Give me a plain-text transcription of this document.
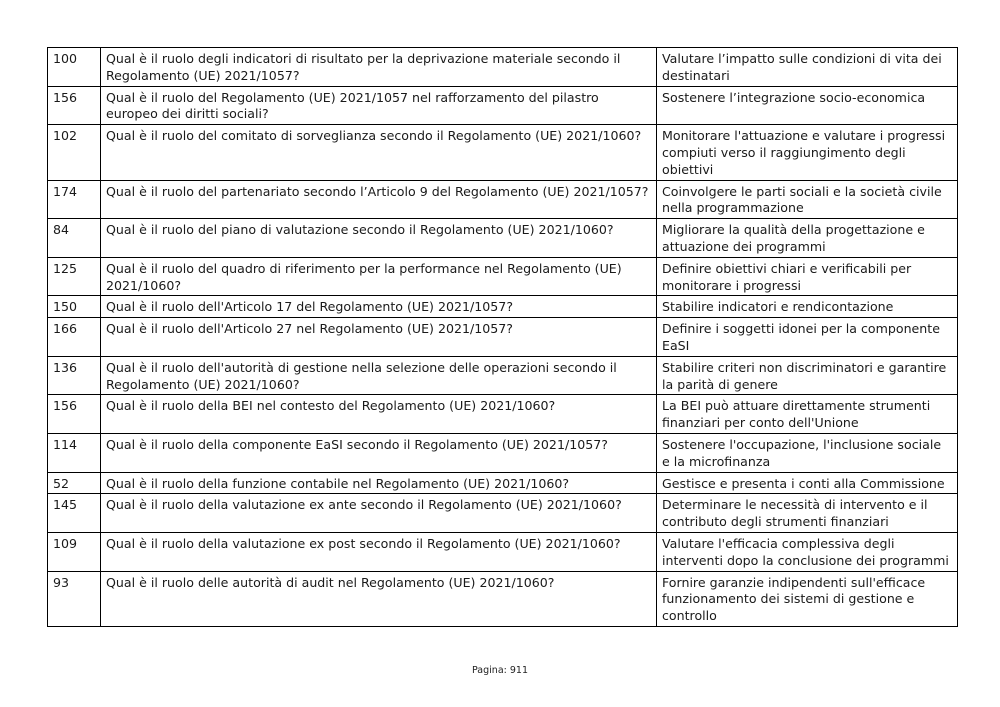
100	Qual è il ruolo degli indicatori di risultato per la deprivazione materiale secondo il Regolamento (UE) 2021/1057?	Valutare l’impatto sulle condizioni di vita dei destinatari
156	Qual è il ruolo del Regolamento (UE) 2021/1057 nel rafforzamento del pilastro europeo dei diritti sociali?	Sostenere l’integrazione socio-economica
102	Qual è il ruolo del comitato di sorveglianza secondo il Regolamento (UE) 2021/1060?	Monitorare l'attuazione e valutare i progressi compiuti verso il raggiungimento degli obiettivi
174	Qual è il ruolo del partenariato secondo l’Articolo 9 del Regolamento (UE) 2021/1057?	Coinvolgere le parti sociali e la società civile nella programmazione
84	Qual è il ruolo del piano di valutazione secondo il Regolamento (UE) 2021/1060?	Migliorare la qualità della progettazione e attuazione dei programmi
125	Qual è il ruolo del quadro di riferimento per la performance nel Regolamento (UE) 2021/1060?	Definire obiettivi chiari e verificabili per monitorare i progressi
150	Qual è il ruolo dell'Articolo 17 del Regolamento (UE) 2021/1057?	Stabilire indicatori e rendicontazione
166	Qual è il ruolo dell'Articolo 27 nel Regolamento (UE) 2021/1057?	Definire i soggetti idonei per la componente EaSI
136	Qual è il ruolo dell'autorità di gestione nella selezione delle operazioni secondo il Regolamento (UE) 2021/1060?	Stabilire criteri non discriminatori e garantire la parità di genere
156	Qual è il ruolo della BEI nel contesto del Regolamento (UE) 2021/1060?	La BEI può attuare direttamente strumenti finanziari per conto dell'Unione
114	Qual è il ruolo della componente EaSI secondo il Regolamento (UE) 2021/1057?	Sostenere l'occupazione, l'inclusione sociale e la microfinanza
52	Qual è il ruolo della funzione contabile nel Regolamento (UE) 2021/1060?	Gestisce e presenta i conti alla Commissione
145	Qual è il ruolo della valutazione ex ante secondo il Regolamento (UE) 2021/1060?	Determinare le necessità di intervento e il contributo degli strumenti finanziari
109	Qual è il ruolo della valutazione ex post secondo il Regolamento (UE) 2021/1060?	Valutare l'efficacia complessiva degli interventi dopo la conclusione dei programmi
93	Qual è il ruolo delle autorità di audit nel Regolamento (UE) 2021/1060?	Fornire garanzie indipendenti sull'efficace funzionamento dei sistemi di gestione e controllo
Pagina: 911
